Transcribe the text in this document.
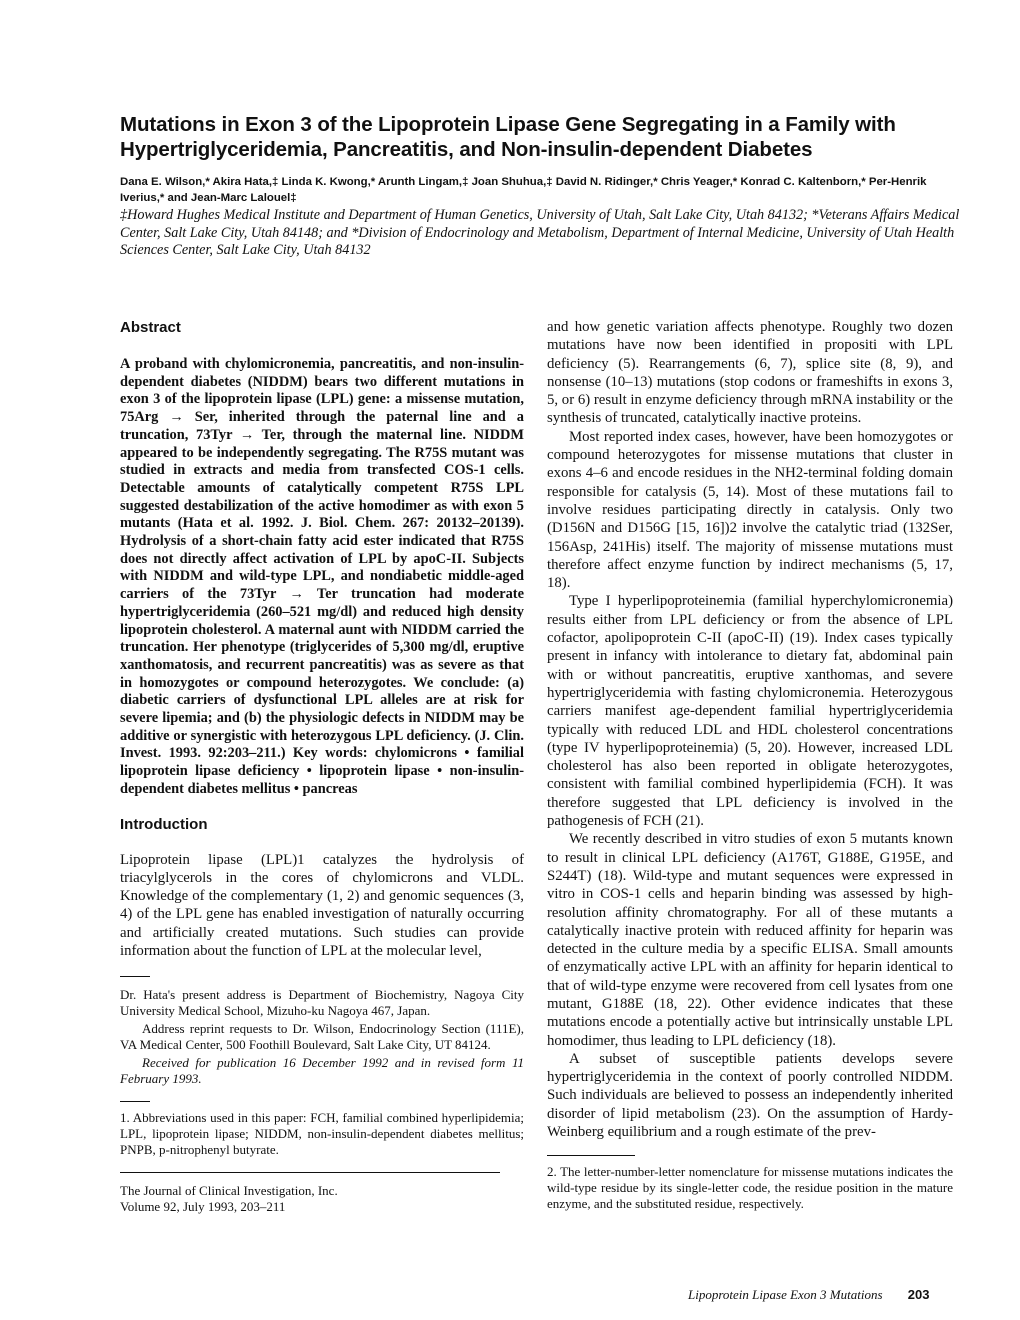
Mutations in Exon 3 of the Lipoprotein Lipase Gene Segregating in a Family with Hypertriglyceridemia, Pancreatitis, and Non-insulin-dependent Diabetes
Dana E. Wilson,* Akira Hata,‡ Linda K. Kwong,* Arunth Lingam,‡ Joan Shuhua,‡ David N. Ridinger,* Chris Yeager,* Konrad C. Kaltenborn,* Per-Henrik Iverius,* and Jean-Marc Lalouel‡
‡Howard Hughes Medical Institute and Department of Human Genetics, University of Utah, Salt Lake City, Utah 84132; *Veterans Affairs Medical Center, Salt Lake City, Utah 84148; and *Division of Endocrinology and Metabolism, Department of Internal Medicine, University of Utah Health Sciences Center, Salt Lake City, Utah 84132
Abstract

A proband with chylomicronemia, pancreatitis, and non-insulin-dependent diabetes (NIDDM) bears two different mutations in exon 3 of the lipoprotein lipase (LPL) gene: a missense mutation, 75Arg → Ser, inherited through the paternal line and a truncation, 73Tyr → Ter, through the maternal line. NIDDM appeared to be independently segregating. The R75S mutant was studied in extracts and media from transfected COS-1 cells. Detectable amounts of catalytically competent R75S LPL suggested destabilization of the active homodimer as with exon 5 mutants (Hata et al. 1992. J. Biol. Chem. 267: 20132–20139). Hydrolysis of a short-chain fatty acid ester indicated that R75S does not directly affect activation of LPL by apoC-II. Subjects with NIDDM and wild-type LPL, and nondiabetic middle-aged carriers of the 73Tyr → Ter truncation had moderate hypertriglyceridemia (260–521 mg/dl) and reduced high density lipoprotein cholesterol. A maternal aunt with NIDDM carried the truncation. Her phenotype (triglycerides of 5,300 mg/dl, eruptive xanthomatosis, and recurrent pancreatitis) was as severe as that in homozygotes or compound heterozygotes. We conclude: (a) diabetic carriers of dysfunctional LPL alleles are at risk for severe lipemia; and (b) the physiologic defects in NIDDM may be additive or synergistic with heterozygous LPL deficiency. (J. Clin. Invest. 1993. 92:203–211.) Key words: chylomicrons • familial lipoprotein lipase deficiency • lipoprotein lipase • non-insulin-dependent diabetes mellitus • pancreas

Introduction

Lipoprotein lipase (LPL)1 catalyzes the hydrolysis of triacylglycerols in the cores of chylomicrons and VLDL. Knowledge of the complementary (1, 2) and genomic sequences (3, 4) of the LPL gene has enabled investigation of naturally occurring and artificially created mutations. Such studies can provide information about the function of LPL at the molecular level,

Dr. Hata's present address is Department of Biochemistry, Nagoya City University Medical School, Mizuho-ku Nagoya 467, Japan.

Address reprint requests to Dr. Wilson, Endocrinology Section (111E), VA Medical Center, 500 Foothill Boulevard, Salt Lake City, UT 84124.

Received for publication 16 December 1992 and in revised form 11 February 1993.

1. Abbreviations used in this paper: FCH, familial combined hyperlipidemia; LPL, lipoprotein lipase; NIDDM, non-insulin-dependent diabetes mellitus; PNPB, p-nitrophenyl butyrate.

The Journal of Clinical Investigation, Inc.

Volume 92, July 1993, 203–211

and how genetic variation affects phenotype. Roughly two dozen mutations have now been identified in propositi with LPL deficiency (5). Rearrangements (6, 7), splice site (8, 9), and nonsense (10–13) mutations (stop codons or frameshifts in exons 3, 5, or 6) result in enzyme deficiency through mRNA instability or the synthesis of truncated, catalytically inactive proteins.

Most reported index cases, however, have been homozygotes or compound heterozygotes for missense mutations that cluster in exons 4–6 and encode residues in the NH2-terminal folding domain responsible for catalysis (5, 14). Most of these mutations fail to involve residues participating directly in catalysis. Only two (D156N and D156G [15, 16])2 involve the catalytic triad (132Ser, 156Asp, 241His) itself. The majority of missense mutations must therefore affect enzyme function by indirect mechanisms (5, 17, 18).

Type I hyperlipoproteinemia (familial hyperchylomicronemia) results either from LPL deficiency or from the absence of LPL cofactor, apolipoprotein C-II (apoC-II) (19). Index cases typically present in infancy with intolerance to dietary fat, abdominal pain with or without pancreatitis, eruptive xanthomas, and severe hypertriglyceridemia with fasting chylomicronemia. Heterozygous carriers manifest age-dependent familial hypertriglyceridemia typically with reduced LDL and HDL cholesterol concentrations (type IV hyperlipoproteinemia) (5, 20). However, increased LDL cholesterol has also been reported in obligate heterozygotes, consistent with familial combined hyperlipidemia (FCH). It was therefore suggested that LPL deficiency is involved in the pathogenesis of FCH (21).

We recently described in vitro studies of exon 5 mutants known to result in clinical LPL deficiency (A176T, G188E, G195E, and S244T) (18). Wild-type and mutant sequences were expressed in vitro in COS-1 cells and heparin binding was assessed by high-resolution affinity chromatography. For all of these mutants a catalytically inactive protein with reduced affinity for heparin was detected in the culture media by a specific ELISA. Small amounts of enzymatically active LPL with an affinity for heparin identical to that of wild-type enzyme were recovered from cell lysates from one mutant, G188E (18, 22). Other evidence indicates that these mutations encode a potentially active but intrinsically unstable LPL homodimer, thus leading to LPL deficiency (18).

A subset of susceptible patients develops severe hypertriglyceridemia in the context of poorly controlled NIDDM. Such individuals are believed to possess an independently inherited disorder of lipid metabolism (23). On the assumption of Hardy-Weinberg equilibrium and a rough estimate of the prev-

2. The letter-number-letter nomenclature for missense mutations indicates the wild-type residue by its single-letter code, the residue position in the mature enzyme, and the substituted residue, respectively.

Lipoprotein Lipase Exon 3 Mutations 203
